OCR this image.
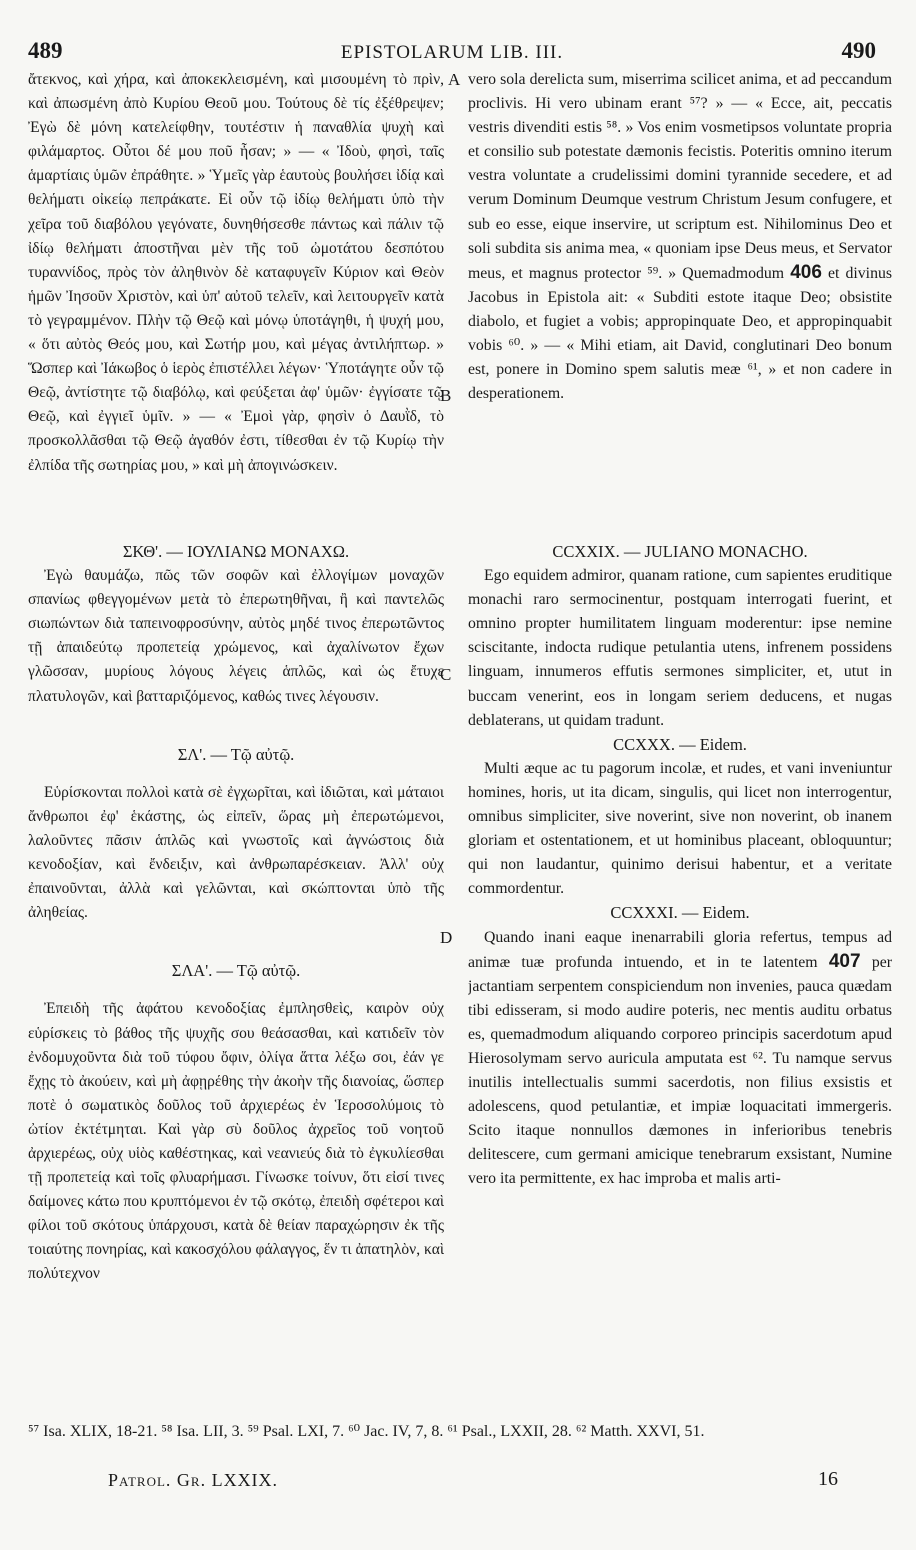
489	EPISTOLARUM LIB. III.	490
A
B
C
D

ἄτεκνος, καὶ χήρα, καὶ ἀποκεκλεισμένη, καὶ μισουμένη τὸ πρὶν, καὶ ἀπωσμένη ἀπὸ Κυρίου Θεοῦ μου. Τούτους δὲ τίς ἐξέθρεψεν; Ἐγὼ δὲ μόνη κατελείφθην, τουτέστιν ἡ παναθλία ψυχὴ καὶ φιλάμαρτος. Οὗτοι δέ μου ποῦ ἦσαν; » — « Ἰδοὺ, φησὶ, ταῖς ἁμαρτίαις ὑμῶν ἐπράθητε. » Ὑμεῖς γὰρ ἑαυτοὺς βουλήσει ἰδίᾳ καὶ θελήματι οἰκείῳ πεπράκατε. Εἰ οὖν τῷ ἰδίῳ θελήματι ὑπὸ τὴν χεῖρα τοῦ διαβόλου γεγόνατε, δυνηθήσεσθε πάντως καὶ πάλιν τῷ ἰδίῳ θελήματι ἀποστῆναι μὲν τῆς τοῦ ὠμοτάτου δεσπότου τυραννίδος, πρὸς τὸν ἀληθινὸν δὲ καταφυγεῖν Κύριον καὶ Θεὸν ἡμῶν Ἰησοῦν Χριστὸν, καὶ ὑπ' αὐτοῦ τελεῖν, καὶ λειτουργεῖν κατὰ τὸ γεγραμμένον. Πλὴν τῷ Θεῷ καὶ μόνῳ ὑποτάγηθι, ἡ ψυχή μου, « ὅτι αὐτὸς Θεός μου, καὶ Σωτήρ μου, καὶ μέγας ἀντιλήπτωρ. » Ὥσπερ καὶ Ἰάκωβος ὁ ἱερὸς ἐπιστέλλει λέγων· Ὑποτάγητε οὖν τῷ Θεῷ, ἀντίστητε τῷ διαβόλῳ, καὶ φεύξεται ἀφ' ὑμῶν· ἐγγίσατε τῷ Θεῷ, καὶ ἐγγιεῖ ὑμῖν. » — « Ἐμοὶ γὰρ, φησὶν ὁ Δαυῒδ, τὸ προσκολλᾶσθαι τῷ Θεῷ ἀγαθόν ἐστι, τίθεσθαι ἐν τῷ Κυρίῳ τὴν ἐλπίδα τῆς σωτηρίας μου, » καὶ μὴ ἀπογινώσκειν.

vero sola derelicta sum, miserrima scilicet anima, et ad peccandum proclivis. Hi vero ubinam erant ⁵⁷? » — « Ecce, ait, peccatis vestris divenditi estis ⁵⁸. » Vos enim vosmetipsos voluntate propria et consilio sub potestate dæmonis fecistis. Poteritis omnino iterum vestra voluntate a crudelissimi domini tyrannide secedere, et ad verum Dominum Deumque vestrum Christum Jesum confugere, et sub eo esse, eique inservire, ut scriptum est. Nihilominus Deo et soli subdita sis anima mea, « quoniam ipse Deus meus, et Servator meus, et magnus protector ⁵⁹. » Quemadmodum 406 et divinus Jacobus in Epistola ait: « Subditi estote itaque Deo; obsistite diabolo, et fugiet a vobis; appropinquate Deo, et appropinquabit vobis ⁶⁰. » — « Mihi etiam, ait David, conglutinari Deo bonum est, ponere in Domino spem salutis meæ ⁶¹, » et non cadere in desperationem.

ΣΚΘ'. — ΙΟΥΛΙΑΝΩ ΜΟΝΑΧΩ.

Ἐγὼ θαυμάζω, πῶς τῶν σοφῶν καὶ ἐλλογίμων μοναχῶν σπανίως φθεγγομένων μετὰ τὸ ἐπερωτηθῆναι, ἢ καὶ παντελῶς σιωπώντων διὰ ταπεινοφροσύνην, αὐτὸς μηδέ τινος ἐπερωτῶντος τῇ ἀπαιδεύτῳ προπετείᾳ χρώμενος, καὶ ἀχαλίνωτον ἔχων γλῶσσαν, μυρίους λόγους λέγεις ἁπλῶς, καὶ ὡς ἔτυχε πλατυλογῶν, καὶ βατταριζόμενος, καθώς τινες λέγουσιν.

ΣΛ'. — Τῷ αὐτῷ.

Εὑρίσκονται πολλοὶ κατὰ σὲ ἐγχωρῖται, καὶ ἰδιῶται, καὶ μάταιοι ἄνθρωποι ἐφ' ἑκάστης, ὡς εἰπεῖν, ὥρας μὴ ἐπερωτώμενοι, λαλοῦντες πᾶσιν ἁπλῶς καὶ γνωστοῖς καὶ ἀγνώστοις διὰ κενοδοξίαν, καὶ ἔνδειξιν, καὶ ἀνθρωπαρέσκειαν. Ἀλλ' οὐχ ἐπαινοῦνται, ἀλλὰ καὶ γελῶνται, καὶ σκώπτονται ὑπὸ τῆς ἀληθείας.

ΣΛΑ'. — Τῷ αὐτῷ.

Ἐπειδὴ τῆς ἀφάτου κενοδοξίας ἐμπλησθεὶς, καιρὸν οὐχ εὑρίσκεις τὸ βάθος τῆς ψυχῆς σου θεάσασθαι, καὶ κατιδεῖν τὸν ἐνδομυχοῦντα διὰ τοῦ τύφου ὄφιν, ὀλίγα ἅττα λέξω σοι, ἐάν γε ἔχῃς τὸ ἀκούειν, καὶ μὴ ἀφῃρέθης τὴν ἀκοὴν τῆς διανοίας, ὥσπερ ποτὲ ὁ σωματικὸς δοῦλος τοῦ ἀρχιερέως ἐν Ἱεροσολύμοις τὸ ὠτίον ἐκτέτμηται. Καὶ γὰρ σὺ δοῦλος ἀχρεῖος τοῦ νοητοῦ ἀρχιερέως, οὐχ υἱὸς καθέστηκας, καὶ νεανιεύς διὰ τὸ ἐγκυλίεσθαι τῇ προπετείᾳ καὶ τοῖς φλυαρήμασι. Γίνωσκε τοίνυν, ὅτι εἰσί τινες δαίμονες κάτω που κρυπτόμενοι ἐν τῷ σκότῳ, ἐπειδὴ σφέτεροι καὶ φίλοι τοῦ σκότους ὑπάρχουσι, κατὰ δὲ θείαν παραχώρησιν ἐκ τῆς τοιαύτης πονηρίας, καὶ κακοσχόλου φάλαγγος, ἕν τι ἀπατηλὸν, καὶ πολύτεχνον

CCXXIX. — JULIANO MONACHO.

Ego equidem admiror, quanam ratione, cum sapientes eruditique monachi raro sermocinentur, postquam interrogati fuerint, et omnino propter humilitatem linguam moderentur: ipse nemine sciscitante, indocta rudique petulantia utens, infrenem possidens linguam, innumeros effutis sermones simpliciter, et, utut in buccam venerint, eos in longam seriem deducens, et nugas deblaterans, ut quidam tradunt.

CCXXX. — Eidem.

Multi æque ac tu pagorum incolæ, et rudes, et vani inveniuntur homines, horis, ut ita dicam, singulis, qui licet non interrogentur, omnibus simpliciter, sive noverint, sive non noverint, ob inanem gloriam et ostentationem, et ut hominibus placeant, obloquuntur; qui non laudantur, quinimo derisui habentur, et a veritate commordentur.

CCXXXI. — Eidem.

Quando inani eaque inenarrabili gloria refertus, tempus ad animæ tuæ profunda intuendo, et in te latentem 407 per jactantiam serpentem conspiciendum non invenies, pauca quædam tibi edisseram, si modo audire poteris, nec mentis auditu orbatus es, quemadmodum aliquando corporeo principis sacerdotum apud Hierosolymam servo auricula amputata est ⁶². Tu namque servus inutilis intellectualis summi sacerdotis, non filius exsistis et adolescens, quod petulantiæ, et impiæ loquacitati immergeris. Scito itaque nonnullos dæmones in inferioribus tenebris delitescere, cum germani amicique tenebrarum exsistant, Numine vero ita permittente, ex hac improba et malis arti-

⁵⁷ Isa. XLIX, 18-21. ⁵⁸ Isa. LII, 3. ⁵⁹ Psal. LXI, 7. ⁶⁰ Jac. IV, 7, 8. ⁶¹ Psal., LXXII, 28. ⁶² Matth. XXVI, 51.

Patrol. Gr. LXXIX.	16
